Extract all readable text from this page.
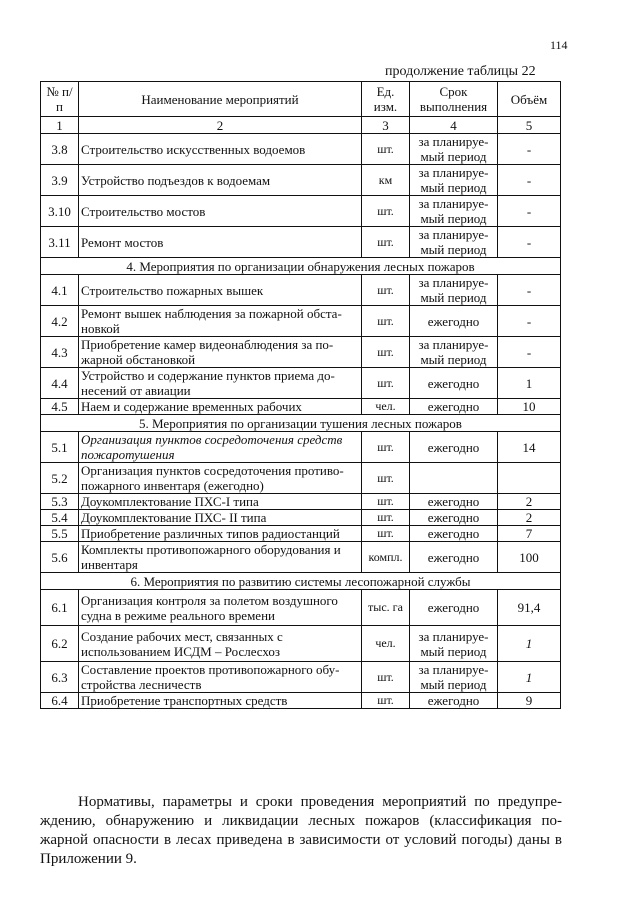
114
продолжение таблицы 22
№ п/п	Наименование мероприятий	Ед. изм.	Срок выполнения	Объём
1	2	3	4	5
3.8	Строительство искусственных водоемов	шт.	за планируе-мый период	-
3.9	Устройство подъездов к водоемам	км	за планируе-мый период	-
3.10	Строительство мостов	шт.	за планируе-мый период	-
3.11	Ремонт мостов	шт.	за планируе-мый период	-
4. Мероприятия по организации обнаружения лесных пожаров				
4.1	Строительство пожарных вышек	шт.	за планируе-мый период	-
4.2	Ремонт вышек наблюдения за пожарной обста-новкой	шт.	ежегодно	-
4.3	Приобретение камер видеонаблюдения за по-жарной обстановкой	шт.	за планируе-мый период	-
4.4	Устройство и содержание пунктов приема до-несений от авиации	шт.	ежегодно	1
4.5	Наем и содержание временных рабочих	чел.	ежегодно	10
5. Мероприятия по организации тушения лесных пожаров				
5.1	Организация пунктов сосредоточения средств пожаротушения	шт.	ежегодно	14
5.2	Организация пунктов сосредоточения противо-пожарного инвентаря (ежегодно)	шт.		
5.3	Доукомплектование ПХС-I типа	шт.	ежегодно	2
5.4	Доукомплектование ПХС- II типа	шт.	ежегодно	2
5.5	Приобретение различных типов радиостанций	шт.	ежегодно	7
5.6	Комплекты противопожарного оборудования и инвентаря	компл.	ежегодно	100
6. Мероприятия по развитию системы лесопожарной службы				
6.1	Организация контроля за полетом воздушного судна в режиме реального времени	тыс. га	ежегодно	91,4
6.2	Создание рабочих мест, связанных с использованием ИСДМ – Рослесхоз	чел.	за планируе-мый период	1
6.3	Составление проектов противопожарного обу-стройства лесничеств	шт.	за планируе-мый период	1
6.4	Приобретение транспортных средств	шт.	ежегодно	9

Нормативы, параметры и сроки проведения мероприятий по предупре-ждению, обнаружению и ликвидации лесных пожаров (классификация по-жарной опасности в лесах приведена в зависимости от условий погоды) даны в Приложении 9.
